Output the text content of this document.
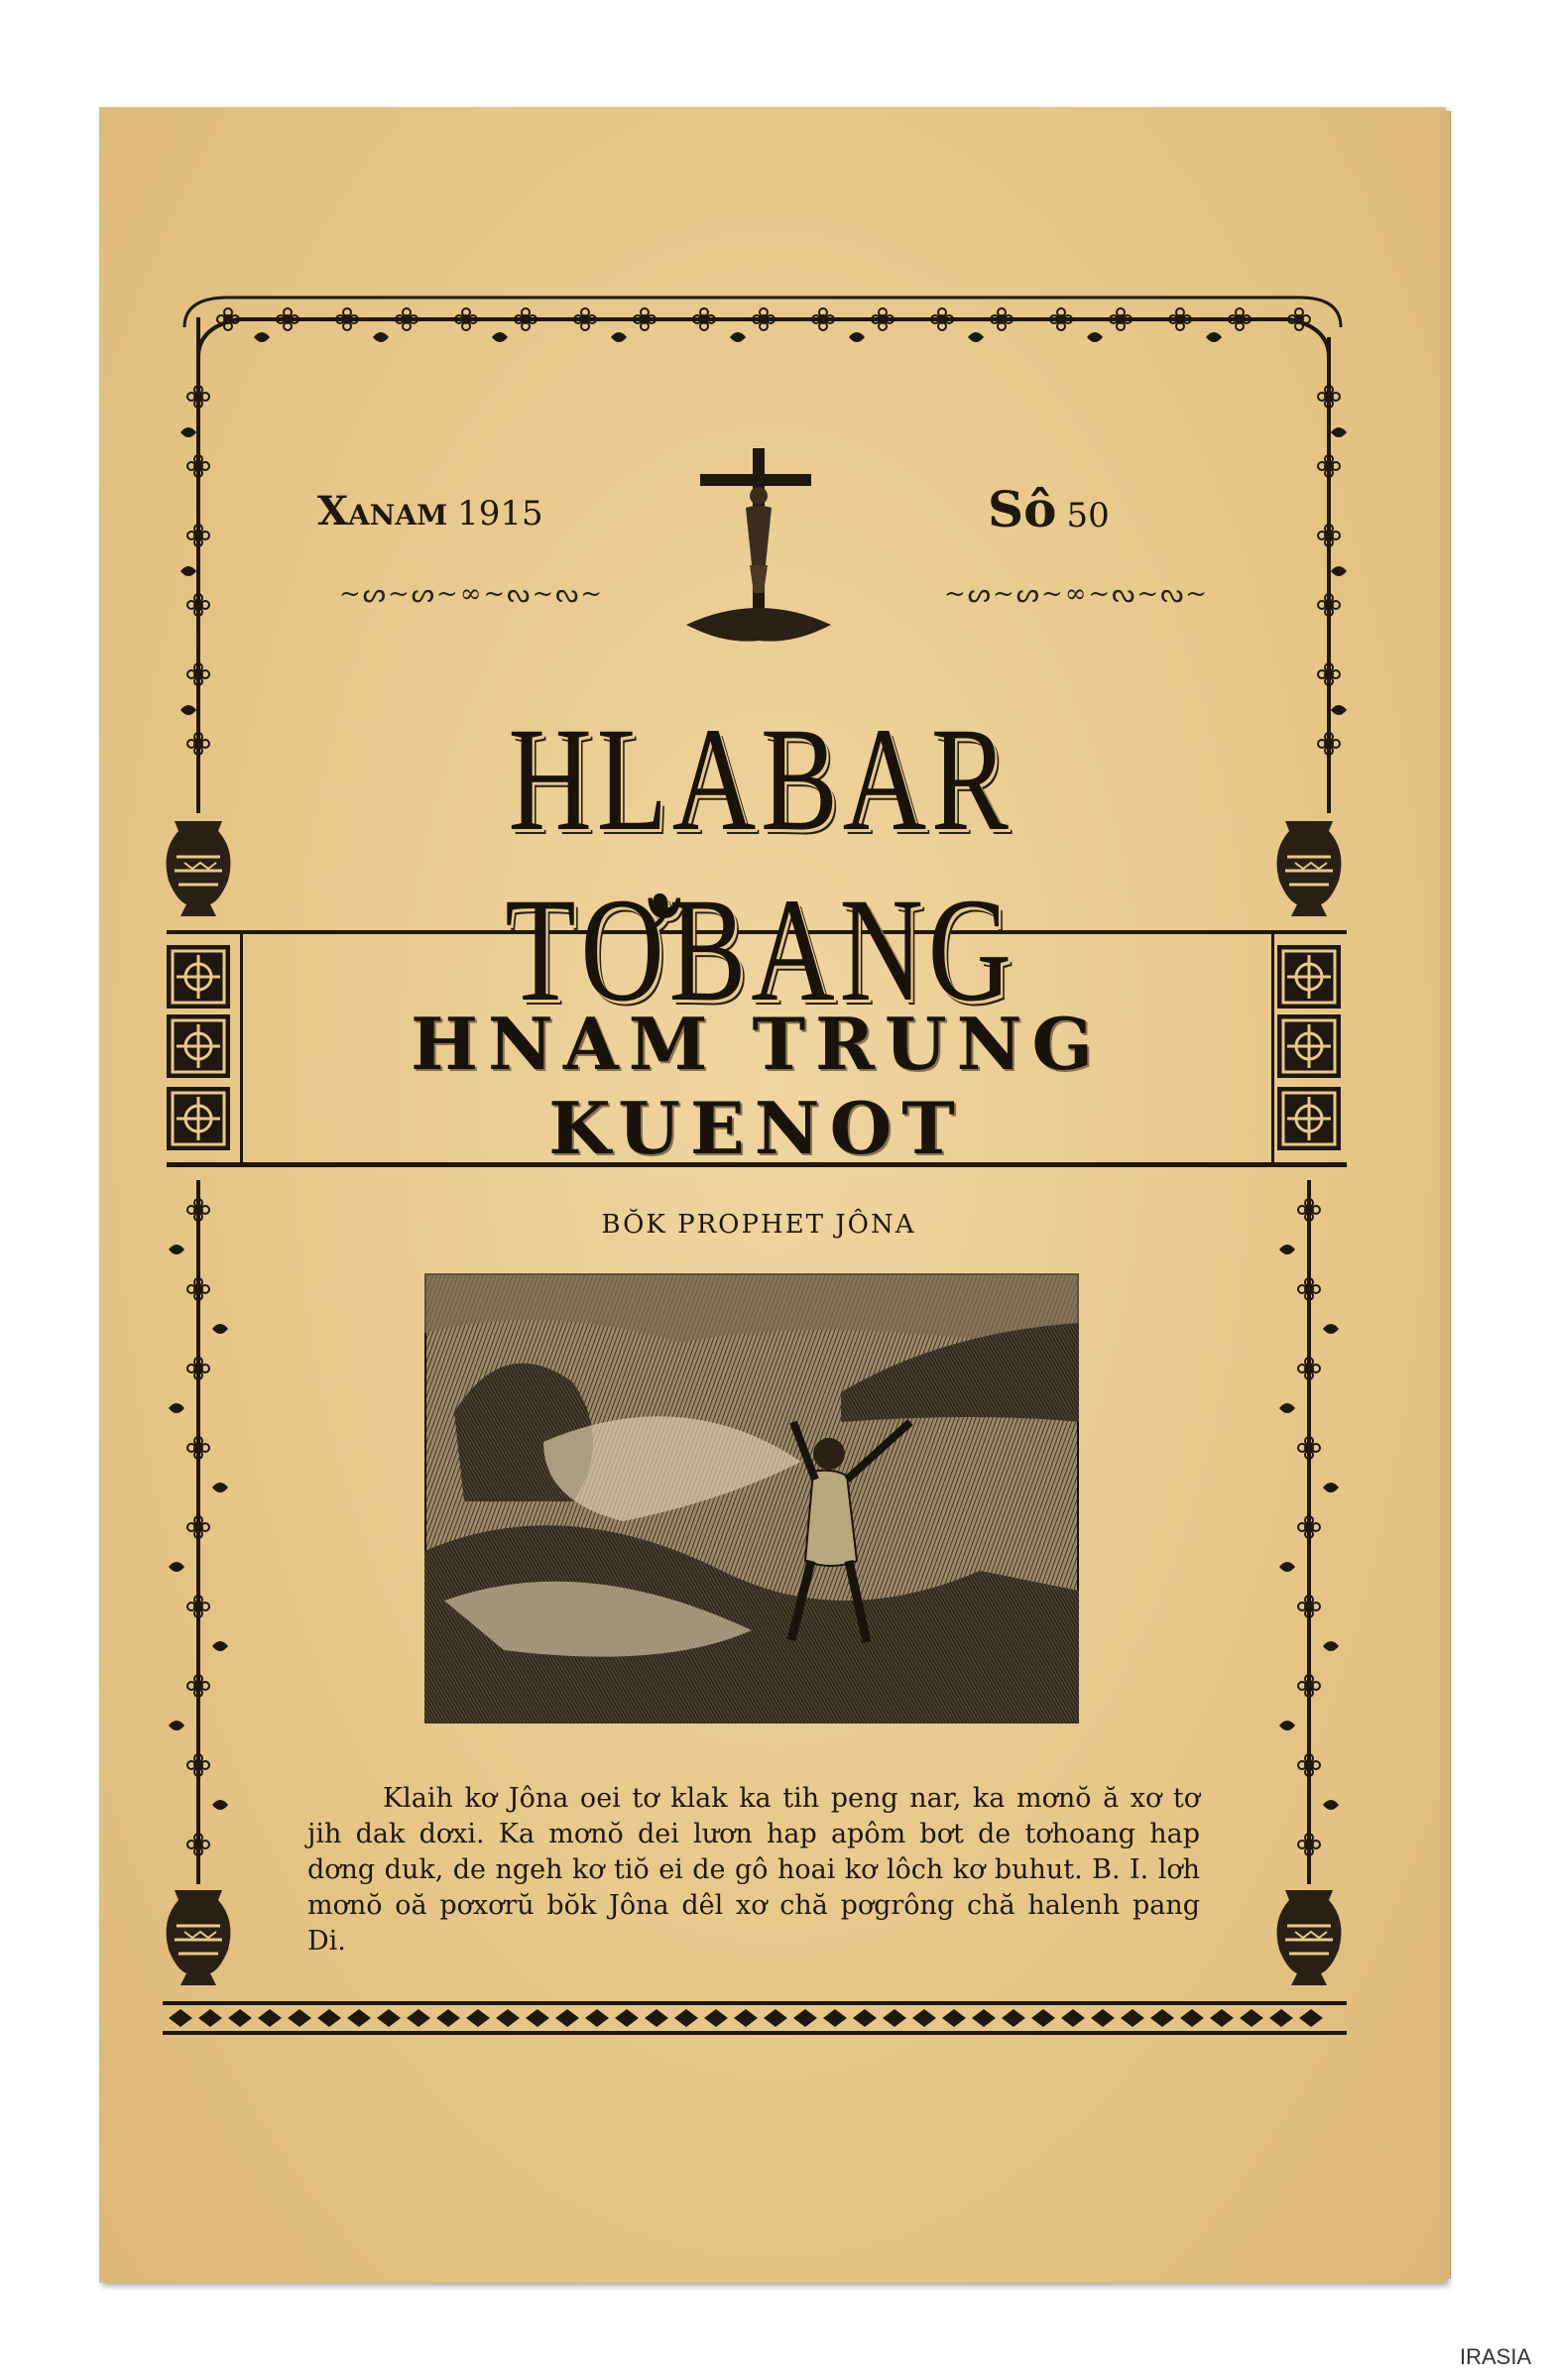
Xanam 1915	Sô 50
~ᔕ~ᔕ~∞~ᔓ~ᔓ~	~ᔕ~ᔕ~∞~ᔓ~ᔓ~
HLABAR TƠ̆BANG
HNAM TRUNG KUENOT
BŎK PROPHET JÔNA
Klaih kơ Jôna oei tơ klak ka tih peng nar, ka mơnŏ ă xơ tơ jih dak dơxi. Ka mơnŏ dei lươn hap apôm bơt de tơhoang hap dơng duk, de ngeh kơ tiŏ ei de gô hoai kơ lôch kơ buhut. B. I. lơh mơnŏ oă pơxơrŭ bŏk Jôna dêl xơ chă pơgrông chă halenh pang Di.
IRASIA
